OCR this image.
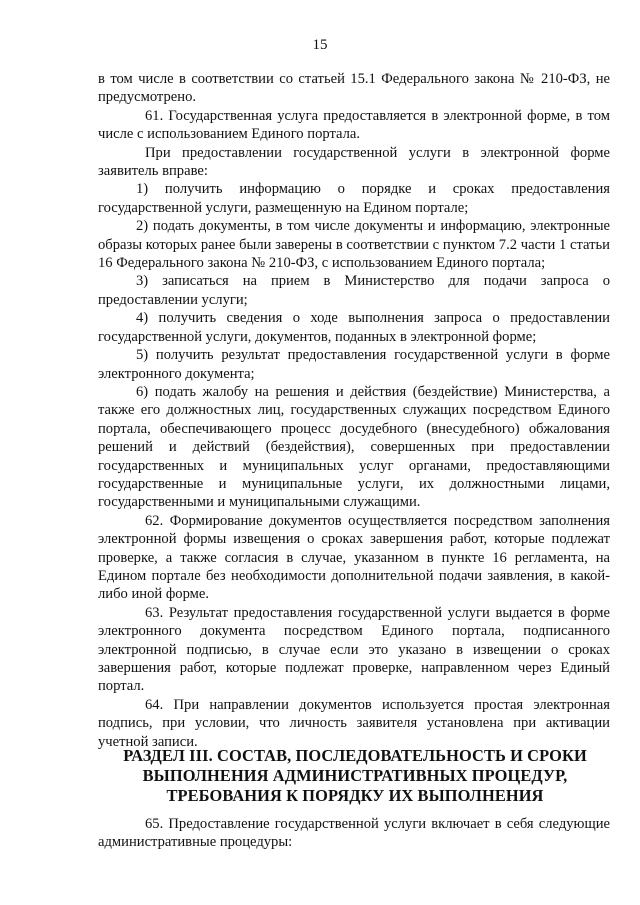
15

в том числе в соответствии со статьей 15.1 Федерального закона № 210-ФЗ, не предусмотрено.

61. Государственная услуга предоставляется в электронной форме, в том числе с использованием Единого портала.

При предоставлении государственной услуги в электронной форме заявитель вправе:

1) получить информацию о порядке и сроках предоставления государственной услуги, размещенную на Едином портале;

2) подать документы, в том числе документы и информацию, электронные образы которых ранее были заверены в соответствии с пунктом 7.2 части 1 статьи 16 Федерального закона № 210-ФЗ, с использованием Единого портала;

3) записаться на прием в Министерство для подачи запроса о предоставлении услуги;

4) получить сведения о ходе выполнения запроса о предоставлении государственной услуги, документов, поданных в электронной форме;

5) получить результат предоставления государственной услуги в форме электронного документа;

6) подать жалобу на решения и действия (бездействие) Министерства, а также его должностных лиц, государственных служащих посредством Единого портала, обеспечивающего процесс досудебного (внесудебного) обжалования решений и действий (бездействия), совершенных при предоставлении государственных и муниципальных услуг органами, предоставляющими государственные и муниципальные услуги, их должностными лицами, государственными и муниципальными служащими.

62. Формирование документов осуществляется посредством заполнения электронной формы извещения о сроках завершения работ, которые подлежат проверке, а также согласия в случае, указанном в пункте 16 регламента, на Едином портале без необходимости дополнительной подачи заявления, в какой-либо иной форме.

63. Результат предоставления государственной услуги выдается в форме электронного документа посредством Единого портала, подписанного электронной подписью, в случае если это указано в извещении о сроках завершения работ, которые подлежат проверке, направленном через Единый портал.

64. При направлении документов используется простая электронная подпись, при условии, что личность заявителя установлена при активации учетной записи.

РАЗДЕЛ III. СОСТАВ, ПОСЛЕДОВАТЕЛЬНОСТЬ И СРОКИ
ВЫПОЛНЕНИЯ АДМИНИСТРАТИВНЫХ ПРОЦЕДУР,
ТРЕБОВАНИЯ К ПОРЯДКУ ИХ ВЫПОЛНЕНИЯ

65. Предоставление государственной услуги включает в себя следующие административные процедуры:
